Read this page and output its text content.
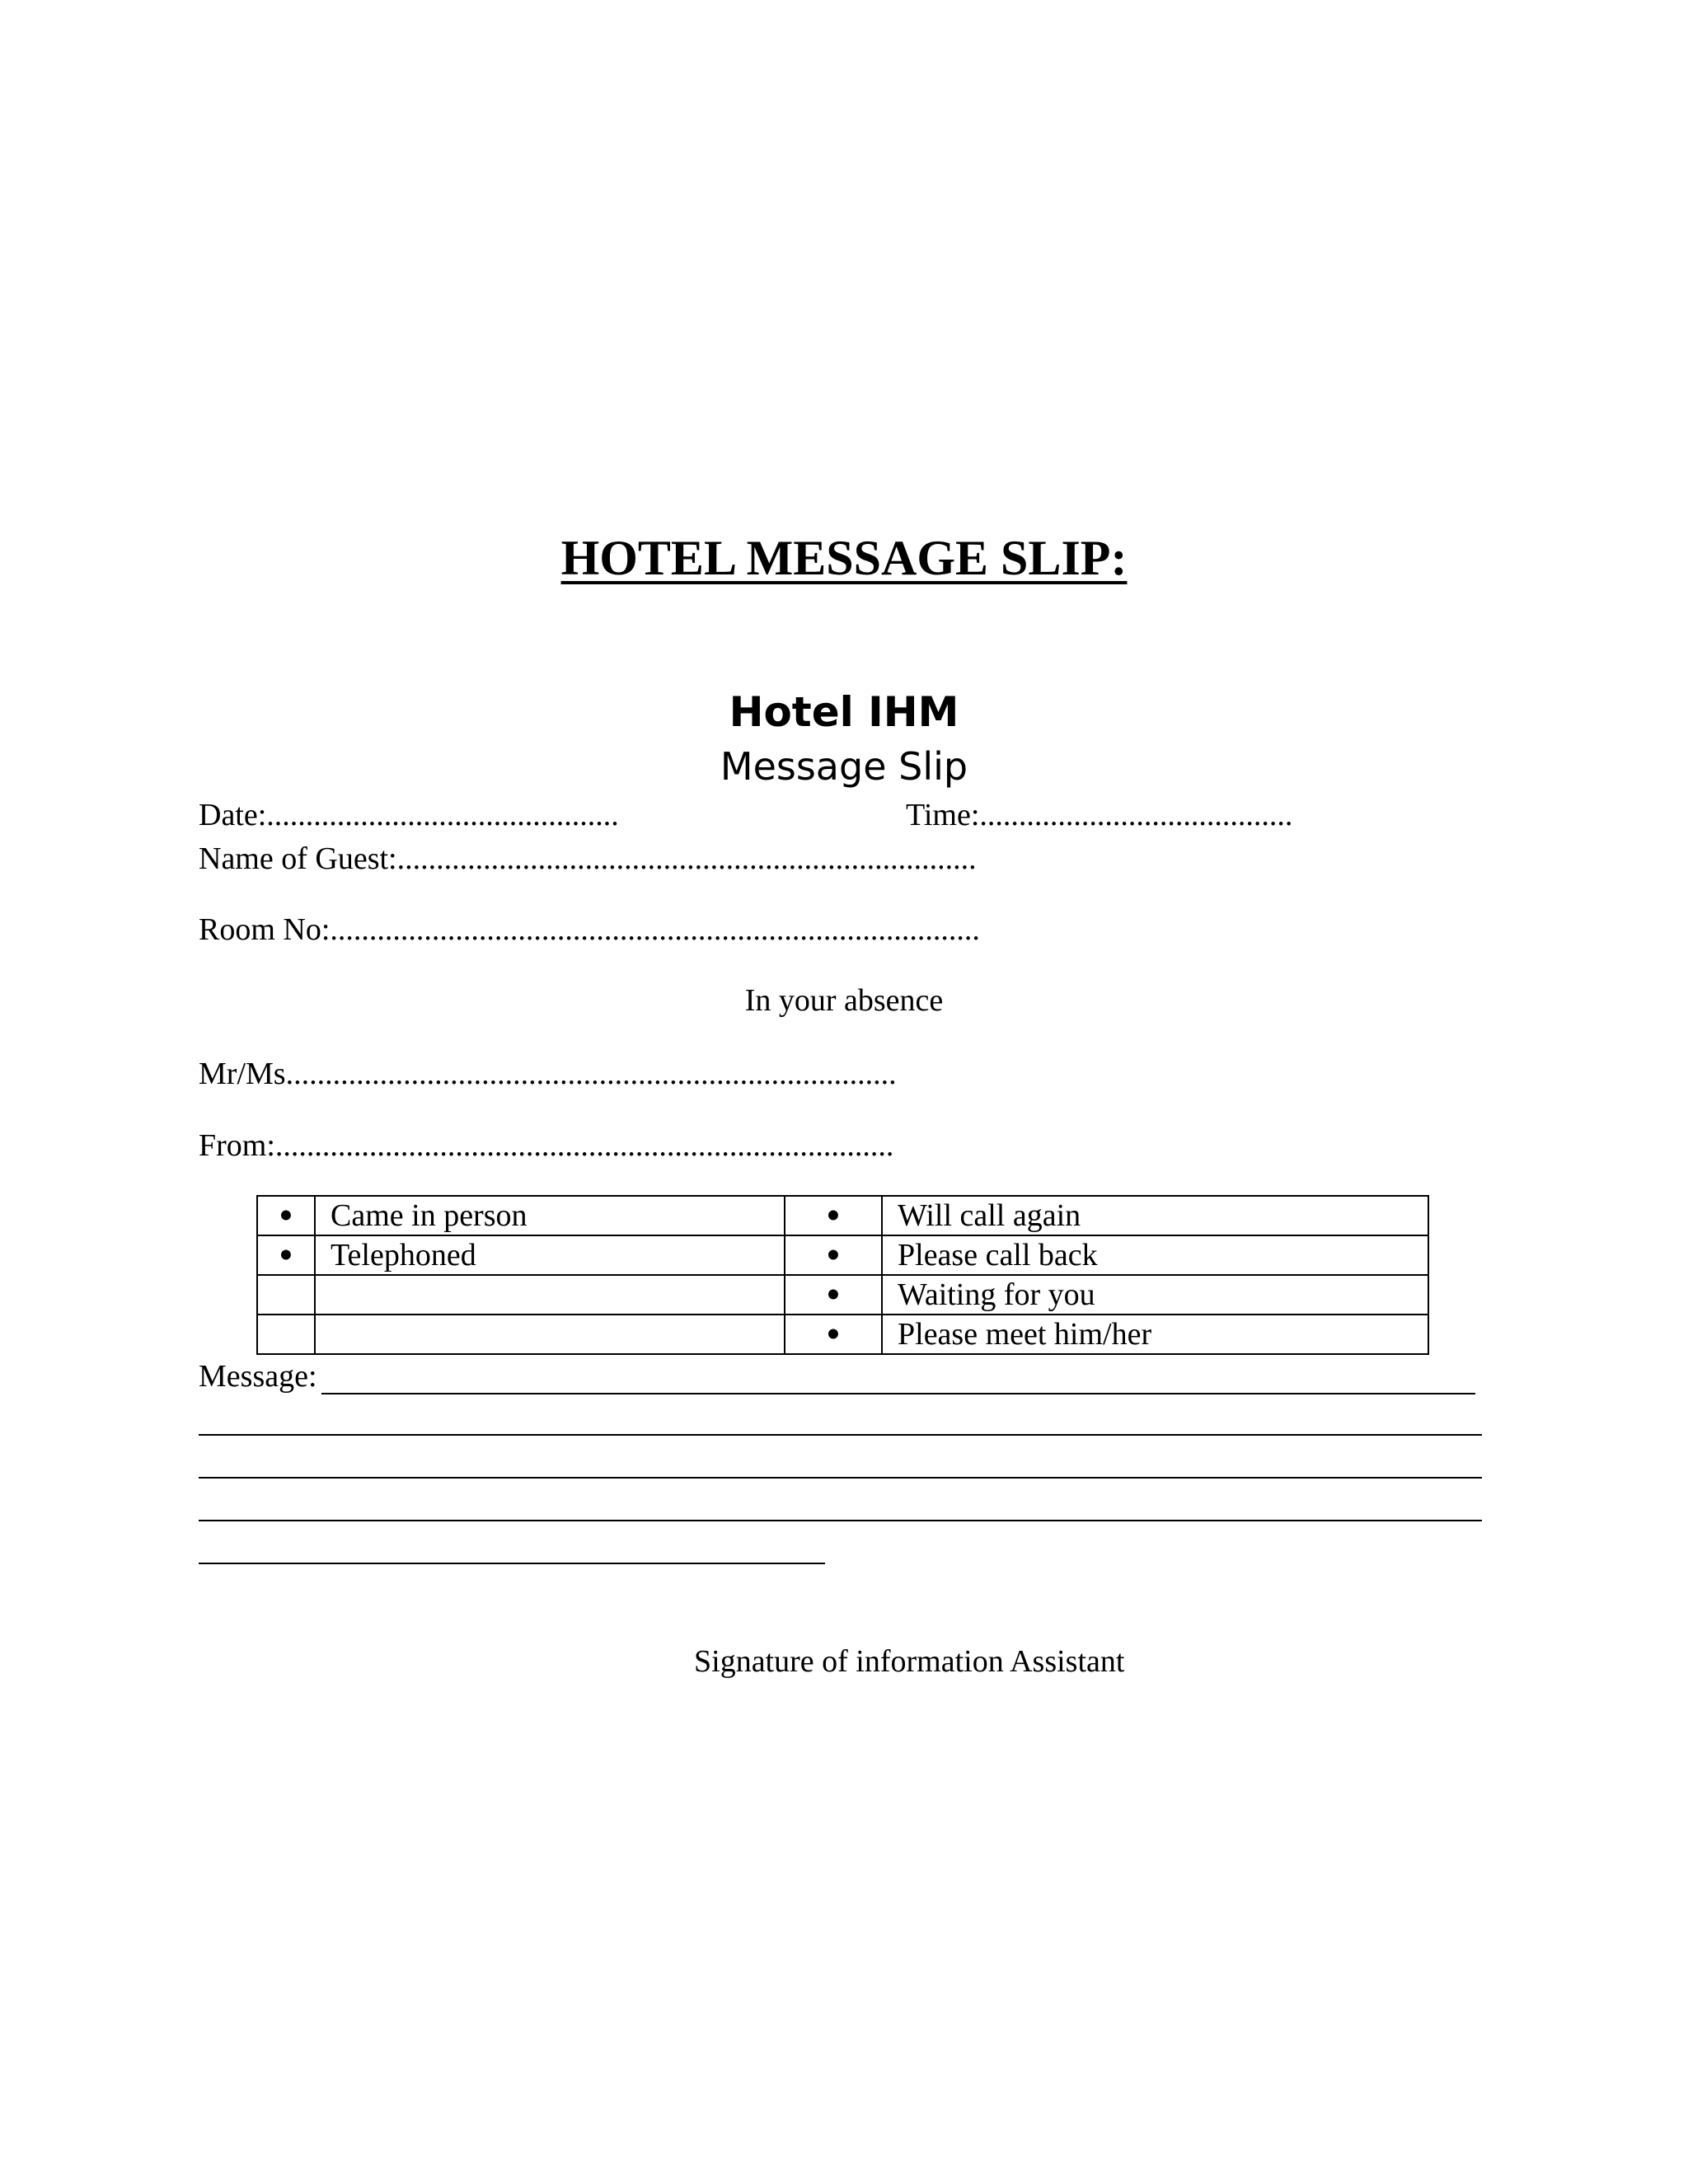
HOTEL MESSAGE SLIP:
Hotel IHM
Message Slip
Date:.............................................	Time:........................................
Name of Guest:..........................................................................
Room No:...................................................................................
In your absence
Mr/Ms..............................................................................
From:...............................................................................
•	Came in person	•	Will call again
•	Telephoned	•	Please call back
		•	Waiting for you
		•	Please meet him/her
Message:
Signature of information Assistant
